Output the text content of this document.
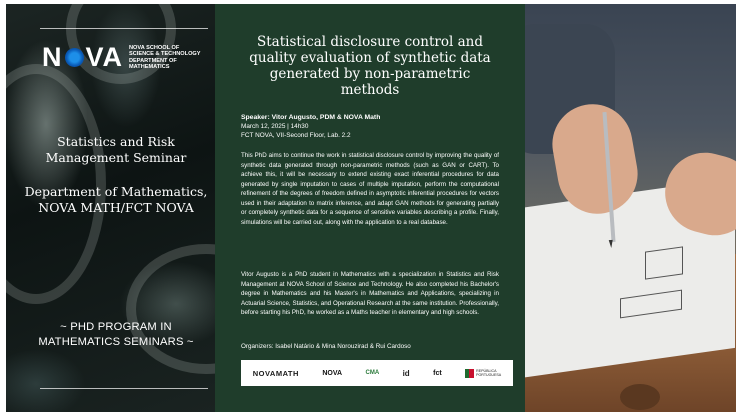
N VA NOVA SCHOOL OF
SCIENCE & TECHNOLOGY
DEPARTMENT OF MATHEMATICS
Statistics and Risk Management Seminar
Department of Mathematics, NOVA MATH/FCT NOVA
~ PHD PROGRAM IN MATHEMATICS SEMINARS ~
Statistical disclosure control and quality evaluation of synthetic data generated by non-parametric methods
Speaker: Vitor Augusto, PDM & NOVA Math
March 12, 2025 | 14h30
FCT NOVA, VII-Second Floor, Lab. 2.2

This PhD aims to continue the work in statistical disclosure control by improving the quality of synthetic data generated through non-parametric methods (such as GAN or CART). To achieve this, it will be necessary to extend existing exact inferential procedures for data generated by single imputation to cases of multiple imputation, perform the computational refinement of the degrees of freedom defined in asymptotic inferential procedures for vectors used in their adaptation to matrix inference, and adapt GAN methods for generating partially or completely synthetic data for a sequence of sensitive variables describing a profile. Finally, simulations will be carried out, along with the application to a real database.

Vitor Augusto is a PhD student in Mathematics with a specialization in Statistics and Risk Management at NOVA School of Science and Technology. He also completed his Bachelor's degree in Mathematics and his Master's in Mathematics and Applications, specializing in Actuarial Science, Statistics, and Operational Research at the same institution. Professionally, before starting his PhD, he worked as a Maths teacher in elementary and high schools.

Organizers: Isabel Natário & Mina Norouzirad & Rui Cardoso
NOVAMATH	NOVA	CMA	id	fct	REPÚBLICA
PORTUGUESA
